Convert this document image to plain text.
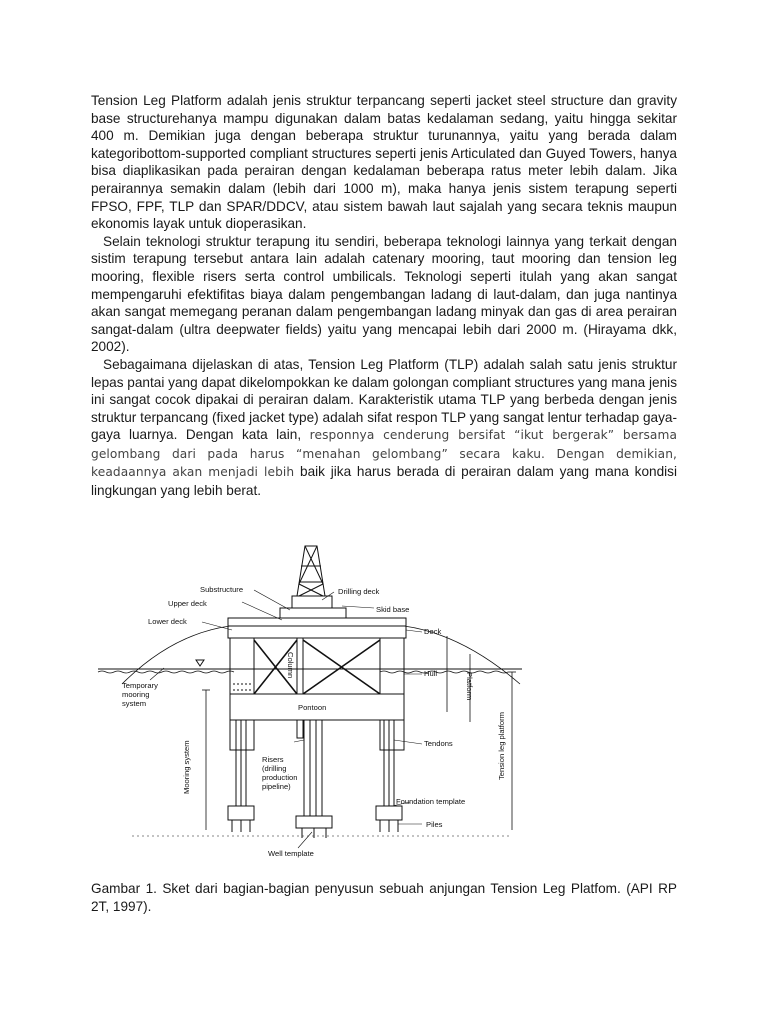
Tension Leg Platform adalah jenis struktur terpancang seperti jacket steel structure dan gravity base structurehanya mampu digunakan dalam batas kedalaman sedang, yaitu hingga sekitar 400 m. Demikian juga dengan beberapa struktur turunannya, yaitu yang berada dalam kategoribottom-supported compliant structures seperti jenis Articulated dan Guyed Towers, hanya bisa diaplikasikan pada perairan dengan kedalaman beberapa ratus meter lebih dalam. Jika perairannya semakin dalam (lebih dari 1000 m), maka hanya jenis sistem terapung seperti FPSO, FPF, TLP dan SPAR/DDCV, atau sistem bawah laut sajalah yang secara teknis maupun ekonomis layak untuk dioperasikan.

Selain teknologi struktur terapung itu sendiri, beberapa teknologi lainnya yang terkait dengan sistim terapung tersebut antara lain adalah catenary mooring, taut mooring dan tension leg mooring, flexible risers serta control umbilicals. Teknologi seperti itulah yang akan sangat mempengaruhi efektifitas biaya dalam pengembangan ladang di laut-dalam, dan juga nantinya akan sangat memegang peranan dalam pengembangan ladang minyak dan gas di area perairan sangat-dalam (ultra deepwater fields) yaitu yang mencapai lebih dari 2000 m. (Hirayama dkk, 2002).

Sebagaimana dijelaskan di atas, Tension Leg Platform (TLP) adalah salah satu jenis struktur lepas pantai yang dapat dikelompokkan ke dalam golongan compliant structures yang mana jenis ini sangat cocok dipakai di perairan dalam. Karakteristik utama TLP yang berbeda dengan jenis struktur terpancang (fixed jacket type) adalah sifat respon TLP yang sangat lentur terhadap gaya-gaya luarnya. Dengan kata lain, responnya cenderung bersifat “ikut bergerak” bersama gelombang dari pada harus “menahan gelombang” secara kaku. Dengan demikian, keadaannya akan menjadi lebih baik jika harus berada di perairan dalam yang mana kondisi lingkungan yang lebih berat.

Substructure	Drilling deck
Upper deck
Skid base
Lower deck
Deck
Hull
Column
Platform
Temporary
mooring
system	Pontoon
Tendons
Mooring system	Tension leg platform
Risers
(drilling
production
pipeline)
Foundation template
Piles
Well template
Gambar 1. Sket dari bagian-bagian penyusun sebuah anjungan Tension Leg Platfom. (API RP 2T, 1997).
